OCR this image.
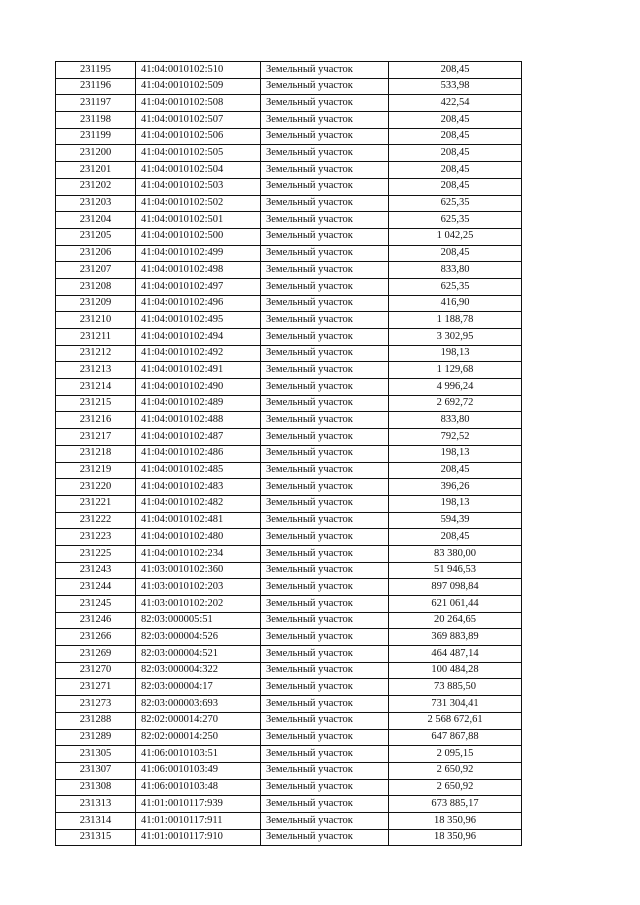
231195	41:04:0010102:510	Земельный участок	208,45
231196	41:04:0010102:509	Земельный участок	533,98
231197	41:04:0010102:508	Земельный участок	422,54
231198	41:04:0010102:507	Земельный участок	208,45
231199	41:04:0010102:506	Земельный участок	208,45
231200	41:04:0010102:505	Земельный участок	208,45
231201	41:04:0010102:504	Земельный участок	208,45
231202	41:04:0010102:503	Земельный участок	208,45
231203	41:04:0010102:502	Земельный участок	625,35
231204	41:04:0010102:501	Земельный участок	625,35
231205	41:04:0010102:500	Земельный участок	1 042,25
231206	41:04:0010102:499	Земельный участок	208,45
231207	41:04:0010102:498	Земельный участок	833,80
231208	41:04:0010102:497	Земельный участок	625,35
231209	41:04:0010102:496	Земельный участок	416,90
231210	41:04:0010102:495	Земельный участок	1 188,78
231211	41:04:0010102:494	Земельный участок	3 302,95
231212	41:04:0010102:492	Земельный участок	198,13
231213	41:04:0010102:491	Земельный участок	1 129,68
231214	41:04:0010102:490	Земельный участок	4 996,24
231215	41:04:0010102:489	Земельный участок	2 692,72
231216	41:04:0010102:488	Земельный участок	833,80
231217	41:04:0010102:487	Земельный участок	792,52
231218	41:04:0010102:486	Земельный участок	198,13
231219	41:04:0010102:485	Земельный участок	208,45
231220	41:04:0010102:483	Земельный участок	396,26
231221	41:04:0010102:482	Земельный участок	198,13
231222	41:04:0010102:481	Земельный участок	594,39
231223	41:04:0010102:480	Земельный участок	208,45
231225	41:04:0010102:234	Земельный участок	83 380,00
231243	41:03:0010102:360	Земельный участок	51 946,53
231244	41:03:0010102:203	Земельный участок	897 098,84
231245	41:03:0010102:202	Земельный участок	621 061,44
231246	82:03:000005:51	Земельный участок	20 264,65
231266	82:03:000004:526	Земельный участок	369 883,89
231269	82:03:000004:521	Земельный участок	464 487,14
231270	82:03:000004:322	Земельный участок	100 484,28
231271	82:03:000004:17	Земельный участок	73 885,50
231273	82:03:000003:693	Земельный участок	731 304,41
231288	82:02:000014:270	Земельный участок	2 568 672,61
231289	82:02:000014:250	Земельный участок	647 867,88
231305	41:06:0010103:51	Земельный участок	2 095,15
231307	41:06:0010103:49	Земельный участок	2 650,92
231308	41:06:0010103:48	Земельный участок	2 650,92
231313	41:01:0010117:939	Земельный участок	673 885,17
231314	41:01:0010117:911	Земельный участок	18 350,96
231315	41:01:0010117:910	Земельный участок	18 350,96
